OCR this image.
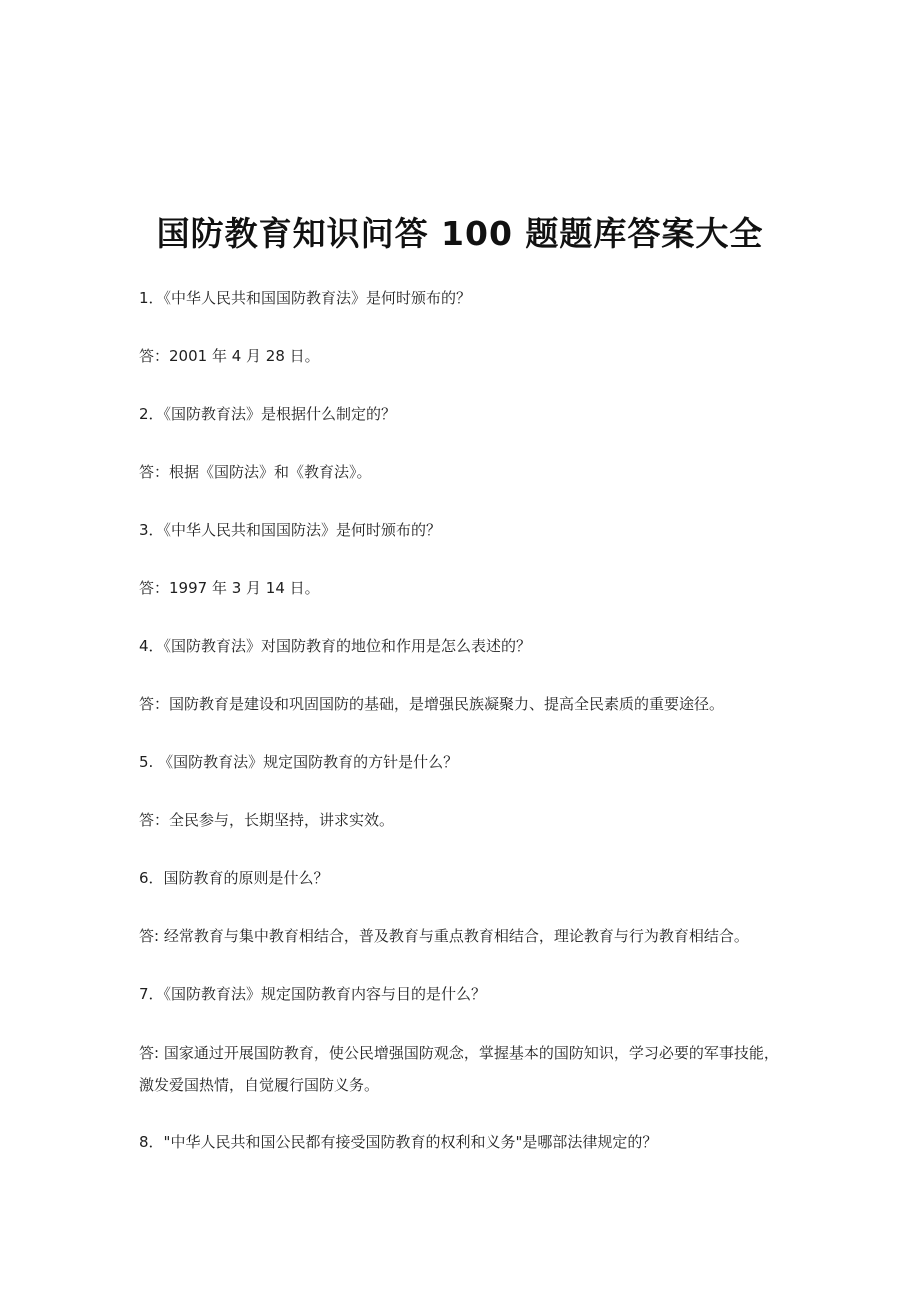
国防教育知识问答 100 题题库答案大全
1．《中华人民共和国国防教育法》是何时颁布的？
答：2001 年 4 月 28 日。
2．《国防教育法》是根据什么制定的？
答：根据《国防法》和《教育法》。
3．《中华人民共和国国防法》是何时颁布的？
答：1997 年 3 月 14 日。
4．《国防教育法》对国防教育的地位和作用是怎么表述的？
答：国防教育是建设和巩固国防的基础，是增强民族凝聚力、提高全民素质的重要途径。
5. 《国防教育法》规定国防教育的方针是什么？
答：全民参与，长期坚持，讲求实效。
6．国防教育的原则是什么？
答: 经常教育与集中教育相结合，普及教育与重点教育相结合，理论教育与行为教育相结合。
7．《国防教育法》规定国防教育内容与目的是什么？
答: 国家通过开展国防教育，使公民增强国防观念，掌握基本的国防知识，学习必要的军事技能，激发爱国热情，自觉履行国防义务。
8．"中华人民共和国公民都有接受国防教育的权利和义务"是哪部法律规定的？
